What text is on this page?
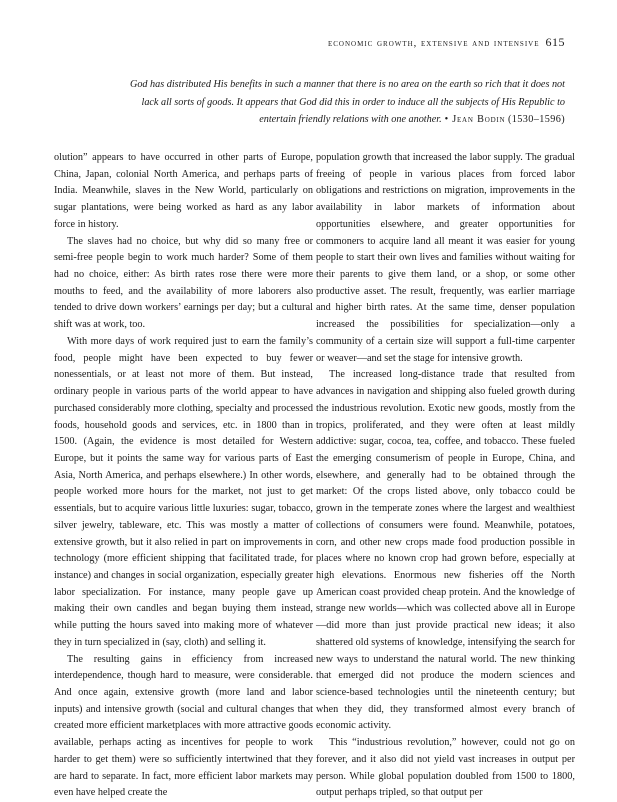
economic growth, extensive and intensive 615
God has distributed His benefits in such a manner that there is no area on the earth so rich that it does not lack all sorts of goods. It appears that God did this in order to induce all the subjects of His Republic to entertain friendly relations with one another. • Jean Bodin (1530–1596)

olution” appears to have occurred in other parts of Europe, China, Japan, colonial North America, and perhaps parts of India. Meanwhile, slaves in the New World, particularly on sugar plantations, were being worked as hard as any labor force in history.

The slaves had no choice, but why did so many free or semi-free people begin to work much harder? Some of them had no choice, either: As birth rates rose there were more mouths to feed, and the availability of more laborers also tended to drive down workers’ earnings per day; but a cultural shift was at work, too.

With more days of work required just to earn the family’s food, people might have been expected to buy fewer nonessentials, or at least not more of them. But instead, ordinary people in various parts of the world appear to have purchased considerably more clothing, specialty and processed foods, household goods and services, etc. in 1800 than in 1500. (Again, the evidence is most detailed for Western Europe, but it points the same way for various parts of East Asia, North America, and perhaps elsewhere.) In other words, people worked more hours for the market, not just to get essentials, but to acquire various little luxuries: sugar, tobacco, silver jewelry, tableware, etc. This was mostly a matter of extensive growth, but it also relied in part on improvements in technology (more efficient shipping that facilitated trade, for instance) and changes in social organization, especially greater labor specialization. For instance, many people gave up making their own candles and began buying them instead, while putting the hours saved into making more of whatever they in turn specialized in (say, cloth) and selling it.

The resulting gains in efficiency from increased interdependence, though hard to measure, were considerable. And once again, extensive growth (more land and labor inputs) and intensive growth (social and cultural changes that created more efficient marketplaces with more attractive goods available, perhaps acting as incentives for people to work harder to get them) were so sufficiently intertwined that they are hard to separate. In fact, more efficient labor markets may even have helped create the

population growth that increased the labor supply. The gradual freeing of people in various places from forced labor obligations and restrictions on migration, improvements in the availability in labor markets of information about opportunities elsewhere, and greater opportunities for commoners to acquire land all meant it was easier for young people to start their own lives and families without waiting for their parents to give them land, or a shop, or some other productive asset. The result, frequently, was earlier marriage and higher birth rates. At the same time, denser population increased the possibilities for specialization—only a community of a certain size will support a full-time carpenter or weaver—and set the stage for intensive growth.

The increased long-distance trade that resulted from advances in navigation and shipping also fueled growth during the industrious revolution. Exotic new goods, mostly from the tropics, proliferated, and they were often at least mildly addictive: sugar, cocoa, tea, coffee, and tobacco. These fueled the emerging consumerism of people in Europe, China, and elsewhere, and generally had to be obtained through the market: Of the crops listed above, only tobacco could be grown in the temperate zones where the largest and wealthiest collections of consumers were found. Meanwhile, potatoes, corn, and other new crops made food production possible in places where no known crop had grown before, especially at high elevations. Enormous new fisheries off the North American coast provided cheap protein. And the knowledge of strange new worlds—which was collected above all in Europe—did more than just provide practical new ideas; it also shattered old systems of knowledge, intensifying the search for new ways to understand the natural world. The new thinking that emerged did not produce the modern sciences and science-based technologies until the nineteenth century; but when they did, they transformed almost every branch of economic activity.

This “industrious revolution,” however, could not go on forever, and it also did not yield vast increases in output per person. While global population doubled from 1500 to 1800, output perhaps tripled, so that output per
